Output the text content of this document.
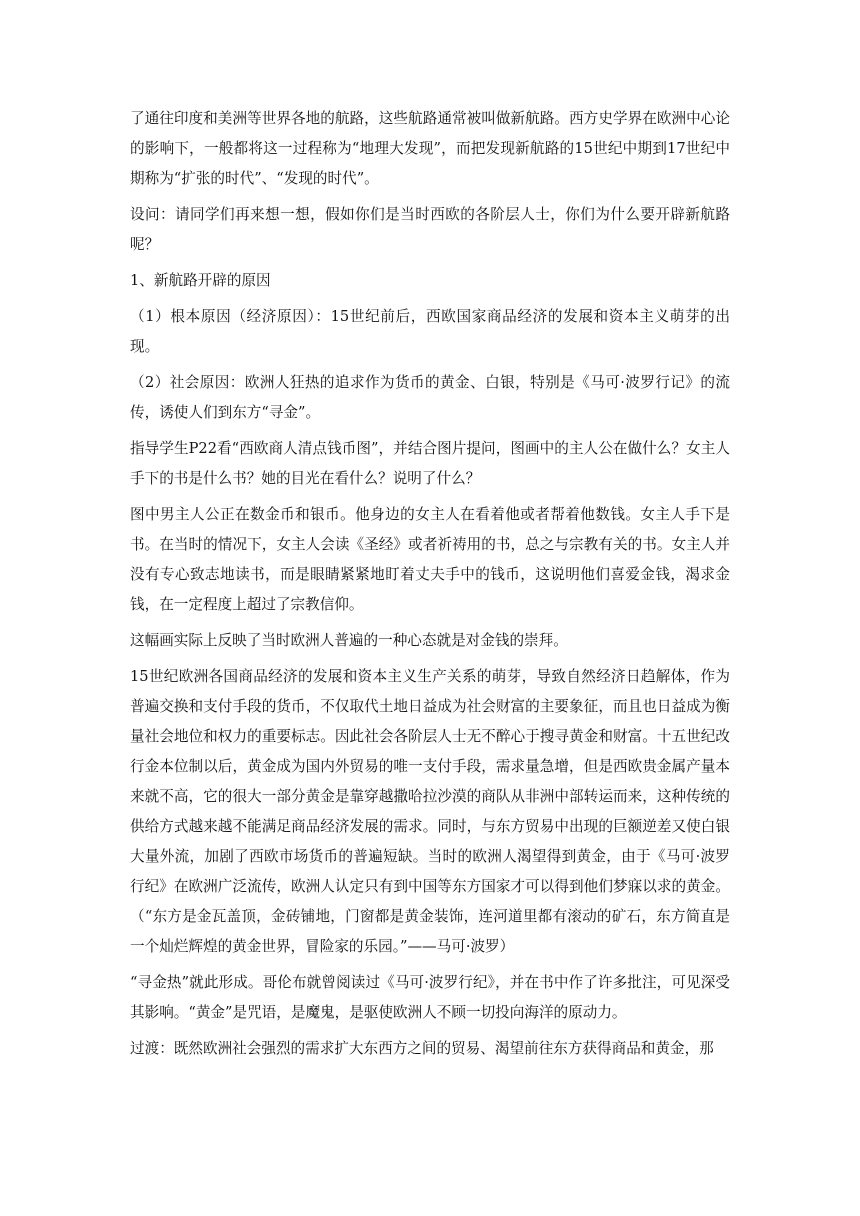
了通往印度和美洲等世界各地的航路，这些航路通常被叫做新航路。西方史学界在欧洲中心论的影响下，一般都将这一过程称为“地理大发现”，而把发现新航路的15世纪中期到17世纪中期称为“扩张的时代”、“发现的时代”。

设问：请同学们再来想一想，假如你们是当时西欧的各阶层人士，你们为什么要开辟新航路呢？

1、新航路开辟的原因

（1）根本原因（经济原因）：15世纪前后，西欧国家商品经济的发展和资本主义萌芽的出现。

（2）社会原因：欧洲人狂热的追求作为货币的黄金、白银，特别是《马可·波罗行记》的流传，诱使人们到东方“寻金”。

指导学生P22看“西欧商人清点钱币图”，并结合图片提问，图画中的主人公在做什么？女主人手下的书是什么书？她的目光在看什么？说明了什么？

图中男主人公正在数金币和银币。他身边的女主人在看着他或者帮着他数钱。女主人手下是书。在当时的情况下，女主人会读《圣经》或者祈祷用的书，总之与宗教有关的书。女主人并没有专心致志地读书，而是眼睛紧紧地盯着丈夫手中的钱币，这说明他们喜爱金钱，渴求金钱，在一定程度上超过了宗教信仰。

这幅画实际上反映了当时欧洲人普遍的一种心态就是对金钱的崇拜。

15世纪欧洲各国商品经济的发展和资本主义生产关系的萌芽，导致自然经济日趋解体，作为普遍交换和支付手段的货币，不仅取代土地日益成为社会财富的主要象征，而且也日益成为衡量社会地位和权力的重要标志。因此社会各阶层人士无不醉心于搜寻黄金和财富。十五世纪改行金本位制以后，黄金成为国内外贸易的唯一支付手段，需求量急增，但是西欧贵金属产量本来就不高，它的很大一部分黄金是靠穿越撒哈拉沙漠的商队从非洲中部转运而来，这种传统的供给方式越来越不能满足商品经济发展的需求。同时，与东方贸易中出现的巨额逆差又使白银大量外流，加剧了西欧市场货币的普遍短缺。当时的欧洲人渴望得到黄金，由于《马可·波罗行纪》在欧洲广泛流传，欧洲人认定只有到中国等东方国家才可以得到他们梦寐以求的黄金。（“东方是金瓦盖顶，金砖铺地，门窗都是黄金装饰，连河道里都有滚动的矿石，东方简直是一个灿烂辉煌的黄金世界，冒险家的乐园。”——马可·波罗）

“寻金热”就此形成。哥伦布就曾阅读过《马可·波罗行纪》，并在书中作了许多批注，可见深受其影响。“黄金”是咒语，是魔鬼，是驱使欧洲人不顾一切投向海洋的原动力。

过渡：既然欧洲社会强烈的需求扩大东西方之间的贸易、渴望前往东方获得商品和黄金，那
